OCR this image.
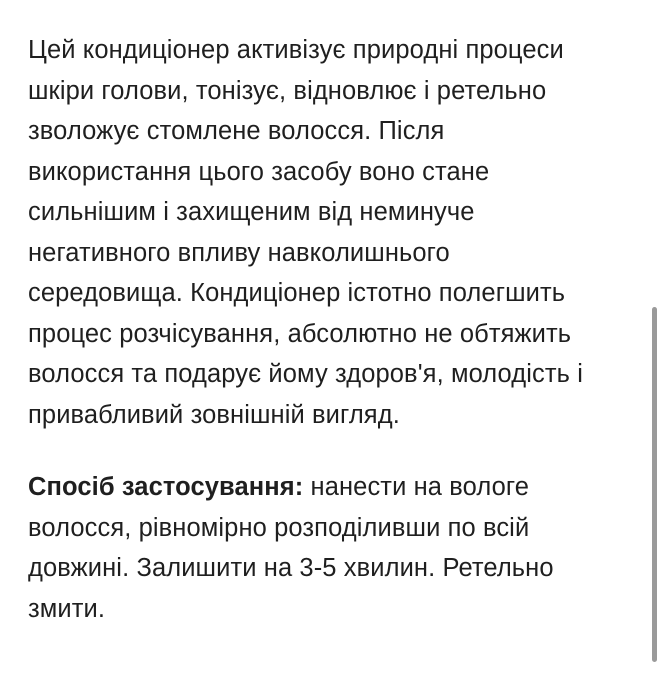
Цей кондиціонер активізує природні процеси
шкіри голови, тонізує, відновлює і ретельно
зволожує стомлене волосся. Після
використання цього засобу воно стане
сильнішим і захищеним від неминуче
негативного впливу навколишнього
середовища. Кондиціонер істотно полегшить
процес розчісування, абсолютно не обтяжить
волосся та подарує йому здоров'я, молодість і
привабливий зовнішній вигляд.

Спосіб застосування: нанести на вологе
волосся, рівномірно розподіливши по всій
довжині. Залишити на 3-5 хвилин. Ретельно
змити.
